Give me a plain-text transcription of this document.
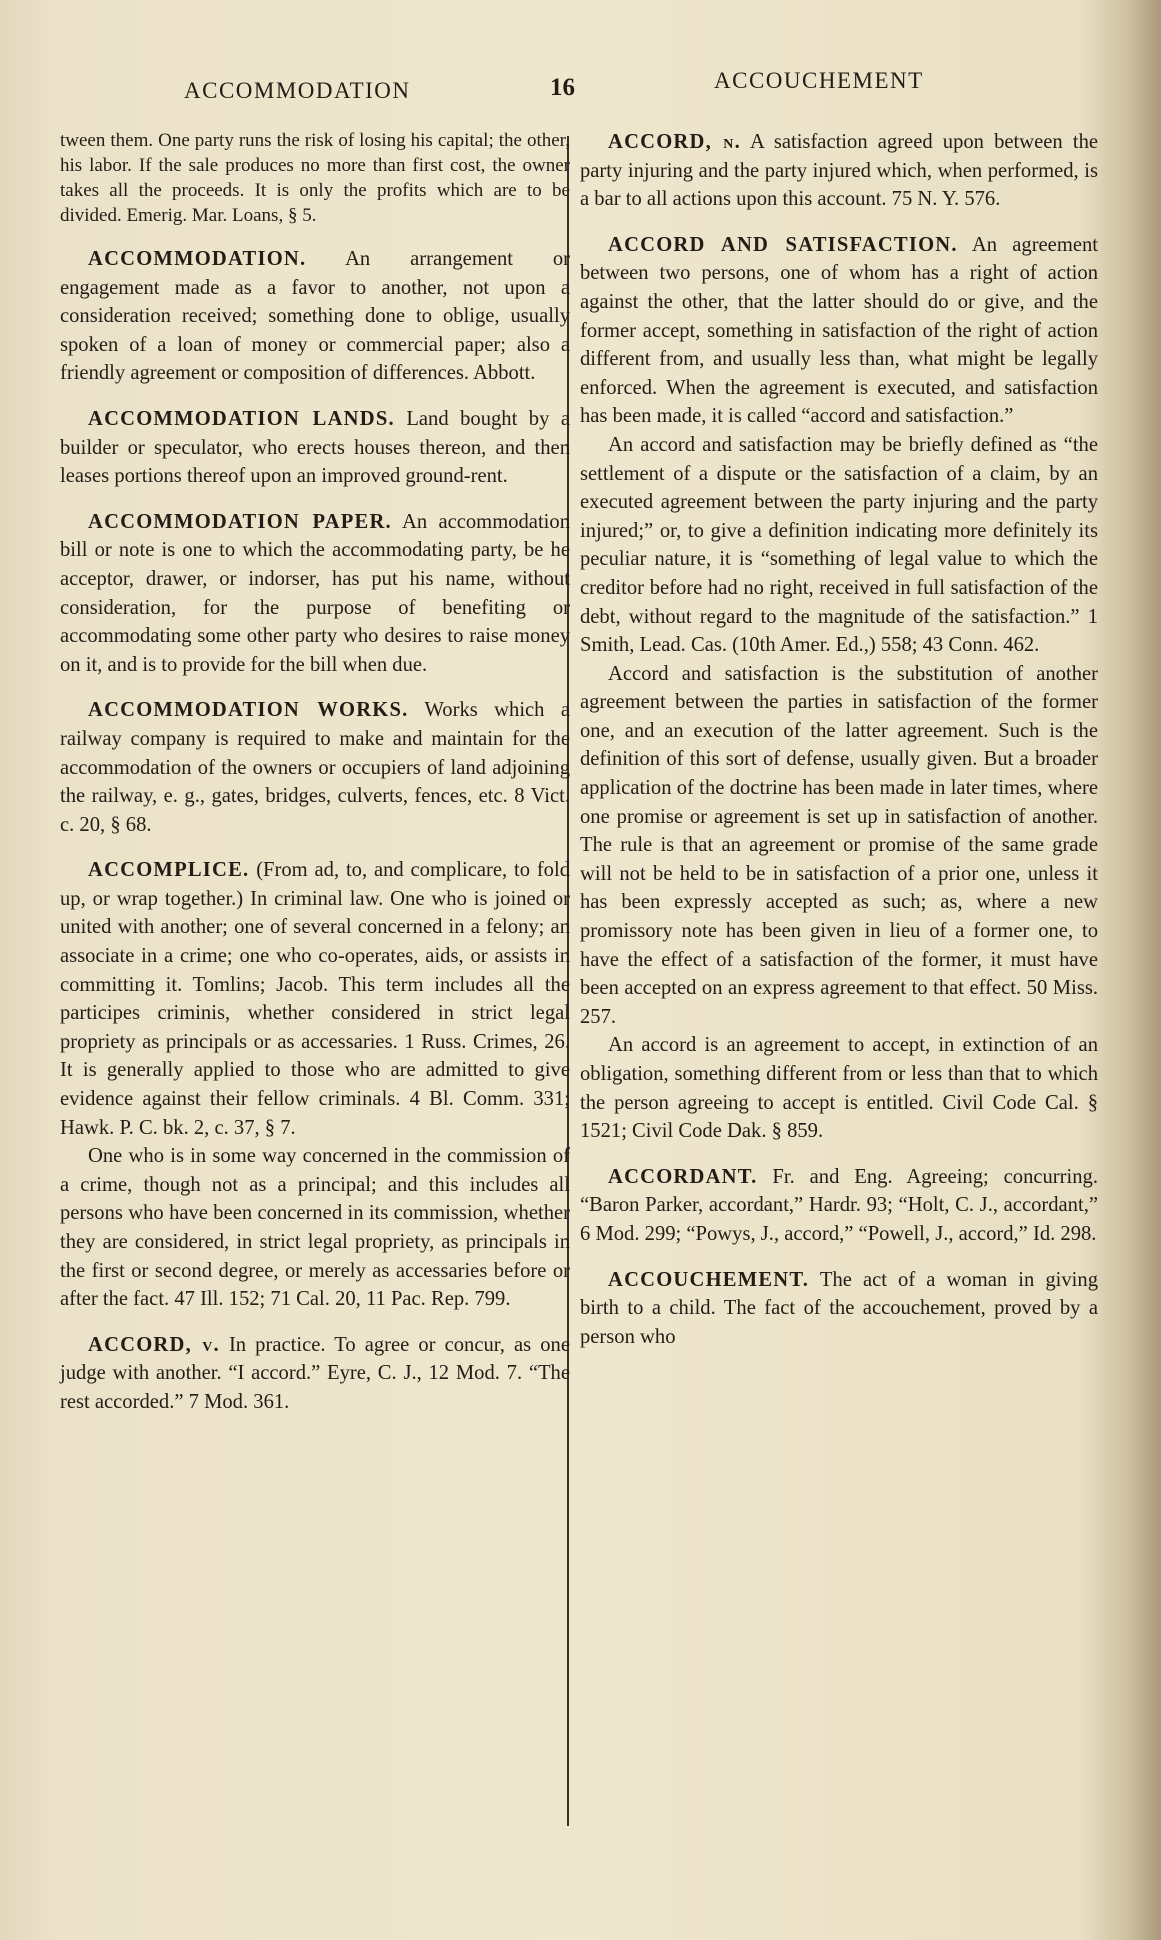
ACCOMMODATION	16	ACCOUCHEMENT

tween them. One party runs the risk of losing his capital; the other, his labor. If the sale produces no more than first cost, the owner takes all the proceeds. It is only the profits which are to be divided. Emerig. Mar. Loans, § 5.

ACCOMMODATION. An arrangement or engagement made as a favor to another, not upon a consideration received; something done to oblige, usually spoken of a loan of money or commercial paper; also a friendly agreement or composition of differences. Abbott.

ACCOMMODATION LANDS. Land bought by a builder or speculator, who erects houses thereon, and then leases portions thereof upon an improved ground-rent.

ACCOMMODATION PAPER. An accommodation bill or note is one to which the accommodating party, be he acceptor, drawer, or indorser, has put his name, without consideration, for the purpose of benefiting or accommodating some other party who desires to raise money on it, and is to provide for the bill when due.

ACCOMMODATION WORKS. Works which a railway company is required to make and maintain for the accommodation of the owners or occupiers of land adjoining the railway, e. g., gates, bridges, culverts, fences, etc. 8 Vict. c. 20, § 68.

ACCOMPLICE. (From ad, to, and complicare, to fold up, or wrap together.) In criminal law. One who is joined or united with another; one of several concerned in a felony; an associate in a crime; one who co-operates, aids, or assists in committing it. Tomlins; Jacob. This term includes all the participes criminis, whether considered in strict legal propriety as principals or as accessaries. 1 Russ. Crimes, 26. It is generally applied to those who are admitted to give evidence against their fellow criminals. 4 Bl. Comm. 331; Hawk. P. C. bk. 2, c. 37, § 7.

One who is in some way concerned in the commission of a crime, though not as a principal; and this includes all persons who have been concerned in its commission, whether they are considered, in strict legal propriety, as principals in the first or second degree, or merely as accessaries before or after the fact. 47 Ill. 152; 71 Cal. 20, 11 Pac. Rep. 799.

ACCORD, v. In practice. To agree or concur, as one judge with another. “I accord.” Eyre, C. J., 12 Mod. 7. “The rest accorded.” 7 Mod. 361.

ACCORD, n. A satisfaction agreed upon between the party injuring and the party injured which, when performed, is a bar to all actions upon this account. 75 N. Y. 576.

ACCORD AND SATISFACTION. An agreement between two persons, one of whom has a right of action against the other, that the latter should do or give, and the former accept, something in satisfaction of the right of action different from, and usually less than, what might be legally enforced. When the agreement is executed, and satisfaction has been made, it is called “accord and satisfaction.”

An accord and satisfaction may be briefly defined as “the settlement of a dispute or the satisfaction of a claim, by an executed agreement between the party injuring and the party injured;” or, to give a definition indicating more definitely its peculiar nature, it is “something of legal value to which the creditor before had no right, received in full satisfaction of the debt, without regard to the magnitude of the satisfaction.” 1 Smith, Lead. Cas. (10th Amer. Ed.,) 558; 43 Conn. 462.

Accord and satisfaction is the substitution of another agreement between the parties in satisfaction of the former one, and an execution of the latter agreement. Such is the definition of this sort of defense, usually given. But a broader application of the doctrine has been made in later times, where one promise or agreement is set up in satisfaction of another. The rule is that an agreement or promise of the same grade will not be held to be in satisfaction of a prior one, unless it has been expressly accepted as such; as, where a new promissory note has been given in lieu of a former one, to have the effect of a satisfaction of the former, it must have been accepted on an express agreement to that effect. 50 Miss. 257.

An accord is an agreement to accept, in extinction of an obligation, something different from or less than that to which the person agreeing to accept is entitled. Civil Code Cal. § 1521; Civil Code Dak. § 859.

ACCORDANT. Fr. and Eng. Agreeing; concurring. “Baron Parker, accordant,” Hardr. 93; “Holt, C. J., accordant,” 6 Mod. 299; “Powys, J., accord,” “Powell, J., accord,” Id. 298.

ACCOUCHEMENT. The act of a woman in giving birth to a child. The fact of the accouchement, proved by a person who
